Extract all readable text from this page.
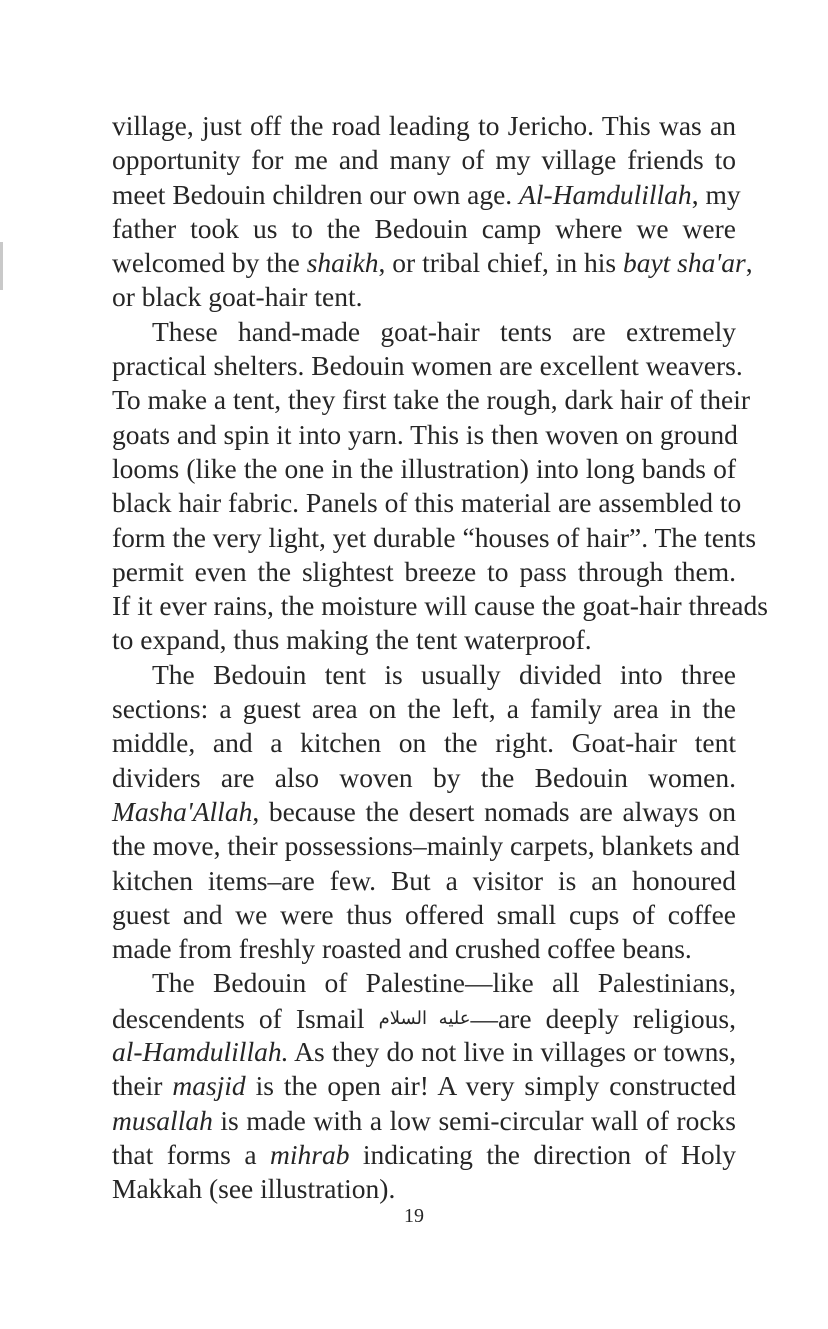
village, just off the road leading to Jericho. This was an
opportunity for me and many of my village friends to
meet Bedouin children our own age. Al-Hamdulillah, my
father took us to the Bedouin camp where we were
welcomed by the shaikh, or tribal chief, in his bayt sha'ar,
or black goat-hair tent.
These hand-made goat-hair tents are extremely
practical shelters. Bedouin women are excellent weavers.
To make a tent, they first take the rough, dark hair of their
goats and spin it into yarn. This is then woven on ground
looms (like the one in the illustration) into long bands of
black hair fabric. Panels of this material are assembled to
form the very light, yet durable “houses of hair”. The tents
permit even the slightest breeze to pass through them.
If it ever rains, the moisture will cause the goat-hair threads
to expand, thus making the tent waterproof.
The Bedouin tent is usually divided into three
sections: a guest area on the left, a family area in the
middle, and a kitchen on the right. Goat-hair tent
dividers are also woven by the Bedouin women.
Masha'Allah, because the desert nomads are always on
the move, their possessions–mainly carpets, blankets and
kitchen items–are few. But a visitor is an honoured
guest and we were thus offered small cups of coffee
made from freshly roasted and crushed coffee beans.
The Bedouin of Palestine—like all Palestinians,
descendents of Ismail عليه السلام—are deeply religious,
al-Hamdulillah. As they do not live in villages or towns,
their masjid is the open air! A very simply constructed
musallah is made with a low semi-circular wall of rocks
that forms a mihrab indicating the direction of Holy
Makkah (see illustration).
19
